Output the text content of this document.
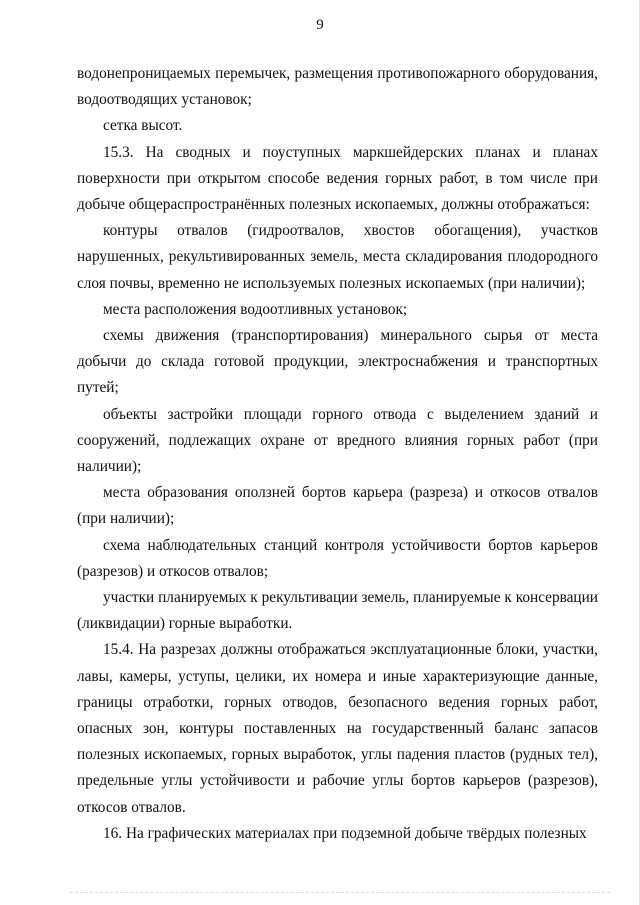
9

водонепроницаемых перемычек, размещения противопожарного оборудования, водоотводящих установок;

сетка высот.

15.3. На сводных и поуступных маркшейдерских планах и планах поверхности при открытом способе ведения горных работ, в том числе при добыче общераспространённых полезных ископаемых, должны отображаться:

контуры отвалов (гидроотвалов, хвостов обогащения), участков нарушенных, рекультивированных земель, места складирования плодородного слоя почвы, временно не используемых полезных ископаемых (при наличии);

места расположения водоотливных установок;

схемы движения (транспортирования) минерального сырья от места добычи до склада готовой продукции, электроснабжения и транспортных путей;

объекты застройки площади горного отвода с выделением зданий и сооружений, подлежащих охране от вредного влияния горных работ (при наличии);

места образования оползней бортов карьера (разреза) и откосов отвалов (при наличии);

схема наблюдательных станций контроля устойчивости бортов карьеров (разрезов) и откосов отвалов;

участки планируемых к рекультивации земель, планируемые к консервации (ликвидации) горные выработки.

15.4. На разрезах должны отображаться эксплуатационные блоки, участки, лавы, камеры, уступы, целики, их номера и иные характеризующие данные, границы отработки, горных отводов, безопасного ведения горных работ, опасных зон, контуры поставленных на государственный баланс запасов полезных ископаемых, горных выработок, углы падения пластов (рудных тел), предельные углы устойчивости и рабочие углы бортов карьеров (разрезов), откосов отвалов.

16. На графических материалах при подземной добыче твёрдых полезных
